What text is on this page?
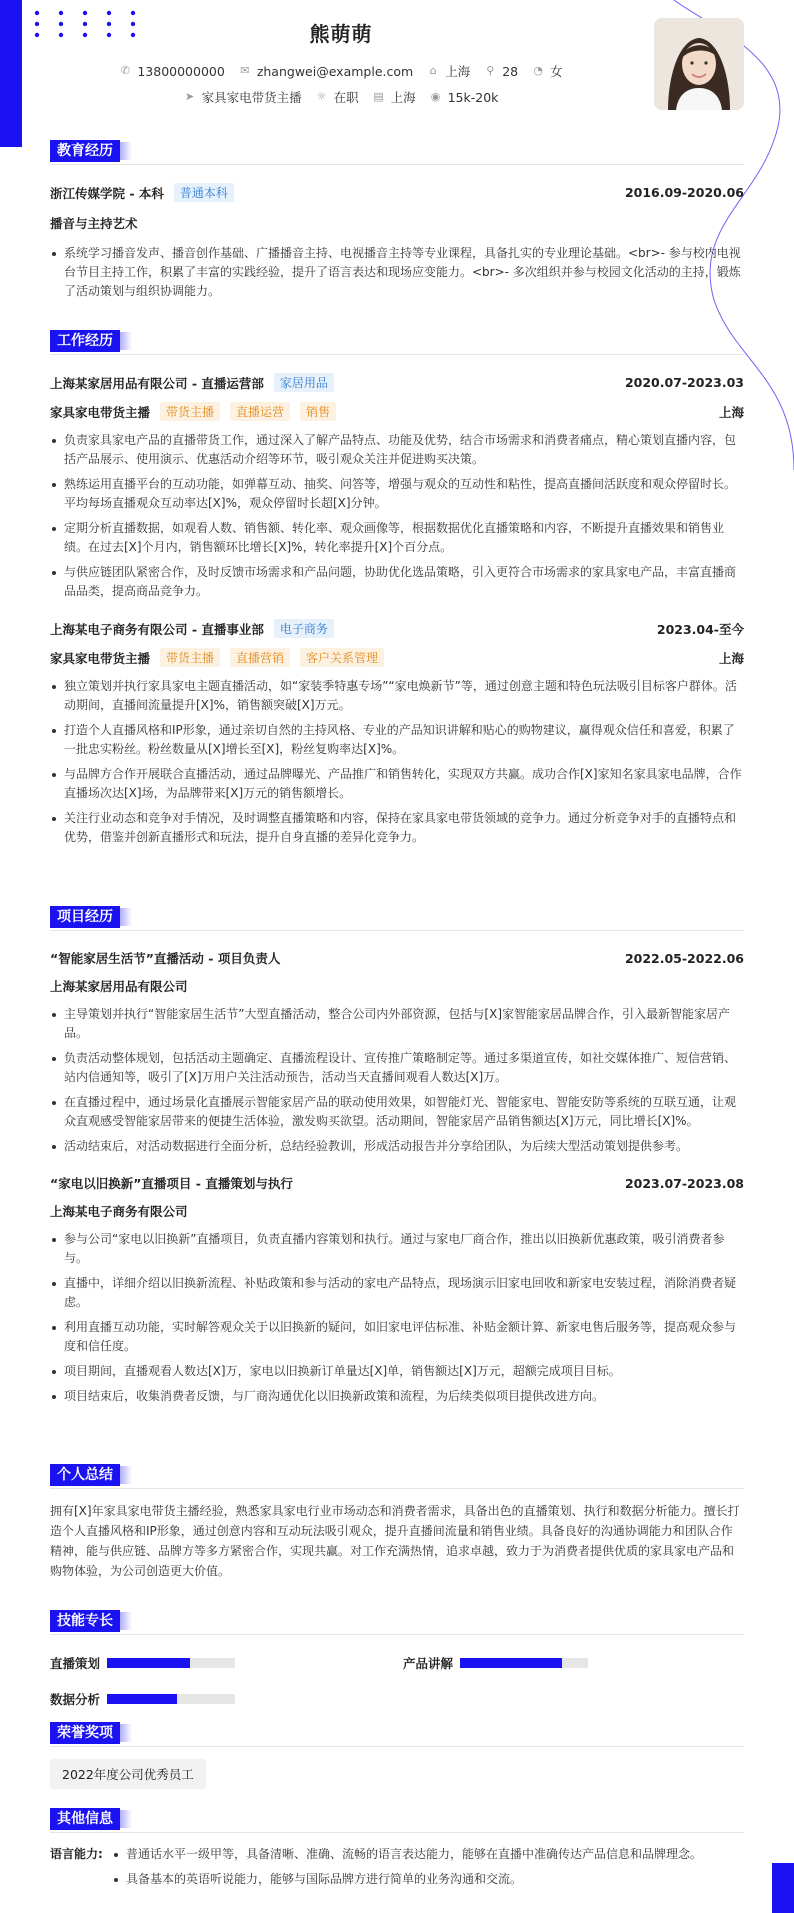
熊萌萌
✆ 13800000000 ✉ zhangwei@example.com ⌂ 上海 ⚲ 28 ◔ 女
➤ 家具家电带货主播 ☼ 在职 ▤ 上海 ◉ 15k-20k
教育经历
浙江传媒学院 - 本科	普通本科	2016.09-2020.06
播音与主持艺术
系统学习播音发声、播音创作基础、广播播音主持、电视播音主持等专业课程，具备扎实的专业理论基础。<br>- 参与校内电视台节目主持工作，积累了丰富的实践经验，提升了语言表达和现场应变能力。<br>- 多次组织并参与校园文化活动的主持，锻炼了活动策划与组织协调能力。
工作经历
上海某家居用品有限公司 - 直播运营部	家居用品	2020.07-2023.03
家具家电带货主播	带货主播	直播运营	销售	上海
负责家具家电产品的直播带货工作，通过深入了解产品特点、功能及优势，结合市场需求和消费者痛点，精心策划直播内容，包括产品展示、使用演示、优惠活动介绍等环节，吸引观众关注并促进购买决策。
熟练运用直播平台的互动功能，如弹幕互动、抽奖、问答等，增强与观众的互动性和粘性，提高直播间活跃度和观众停留时长。平均每场直播观众互动率达[X]%，观众停留时长超[X]分钟。
定期分析直播数据，如观看人数、销售额、转化率、观众画像等，根据数据优化直播策略和内容，不断提升直播效果和销售业绩。在过去[X]个月内，销售额环比增长[X]%，转化率提升[X]个百分点。
与供应链团队紧密合作，及时反馈市场需求和产品问题，协助优化选品策略，引入更符合市场需求的家具家电产品，丰富直播商品品类，提高商品竞争力。
上海某电子商务有限公司 - 直播事业部	电子商务	2023.04-至今
家具家电带货主播	带货主播	直播营销	客户关系管理	上海
独立策划并执行家具家电主题直播活动，如“家装季特惠专场”“家电焕新节”等，通过创意主题和特色玩法吸引目标客户群体。活动期间，直播间流量提升[X]%，销售额突破[X]万元。
打造个人直播风格和IP形象，通过亲切自然的主持风格、专业的产品知识讲解和贴心的购物建议，赢得观众信任和喜爱，积累了一批忠实粉丝。粉丝数量从[X]增长至[X]，粉丝复购率达[X]%。
与品牌方合作开展联合直播活动，通过品牌曝光、产品推广和销售转化，实现双方共赢。成功合作[X]家知名家具家电品牌，合作直播场次达[X]场，为品牌带来[X]万元的销售额增长。
关注行业动态和竞争对手情况，及时调整直播策略和内容，保持在家具家电带货领域的竞争力。通过分析竞争对手的直播特点和优势，借鉴并创新直播形式和玩法，提升自身直播的差异化竞争力。
项目经历
“智能家居生活节”直播活动 - 项目负责人	2022.05-2022.06
上海某家居用品有限公司
主导策划并执行“智能家居生活节”大型直播活动，整合公司内外部资源，包括与[X]家智能家居品牌合作，引入最新智能家居产品。
负责活动整体规划，包括活动主题确定、直播流程设计、宣传推广策略制定等。通过多渠道宣传，如社交媒体推广、短信营销、站内信通知等，吸引了[X]万用户关注活动预告，活动当天直播间观看人数达[X]万。
在直播过程中，通过场景化直播展示智能家居产品的联动使用效果，如智能灯光、智能家电、智能安防等系统的互联互通，让观众直观感受智能家居带来的便捷生活体验，激发购买欲望。活动期间，智能家居产品销售额达[X]万元，同比增长[X]%。
活动结束后，对活动数据进行全面分析，总结经验教训，形成活动报告并分享给团队，为后续大型活动策划提供参考。
“家电以旧换新”直播项目 - 直播策划与执行	2023.07-2023.08
上海某电子商务有限公司
参与公司“家电以旧换新”直播项目，负责直播内容策划和执行。通过与家电厂商合作，推出以旧换新优惠政策，吸引消费者参与。
直播中，详细介绍以旧换新流程、补贴政策和参与活动的家电产品特点，现场演示旧家电回收和新家电安装过程，消除消费者疑虑。
利用直播互动功能，实时解答观众关于以旧换新的疑问，如旧家电评估标准、补贴金额计算、新家电售后服务等，提高观众参与度和信任度。
项目期间，直播观看人数达[X]万，家电以旧换新订单量达[X]单，销售额达[X]万元，超额完成项目目标。
项目结束后，收集消费者反馈，与厂商沟通优化以旧换新政策和流程，为后续类似项目提供改进方向。
个人总结
拥有[X]年家具家电带货主播经验，熟悉家具家电行业市场动态和消费者需求，具备出色的直播策划、执行和数据分析能力。擅长打造个人直播风格和IP形象，通过创意内容和互动玩法吸引观众，提升直播间流量和销售业绩。具备良好的沟通协调能力和团队合作精神，能与供应链、品牌方等多方紧密合作，实现共赢。对工作充满热情，追求卓越，致力于为消费者提供优质的家具家电产品和购物体验，为公司创造更大价值。
技能专长
直播策划	产品讲解
数据分析
荣誉奖项
2022年度公司优秀员工
其他信息
语言能力:	普通话水平一级甲等，具备清晰、准确、流畅的语言表达能力，能够在直播中准确传达产品信息和品牌理念。
具备基本的英语听说能力，能够与国际品牌方进行简单的业务沟通和交流。
